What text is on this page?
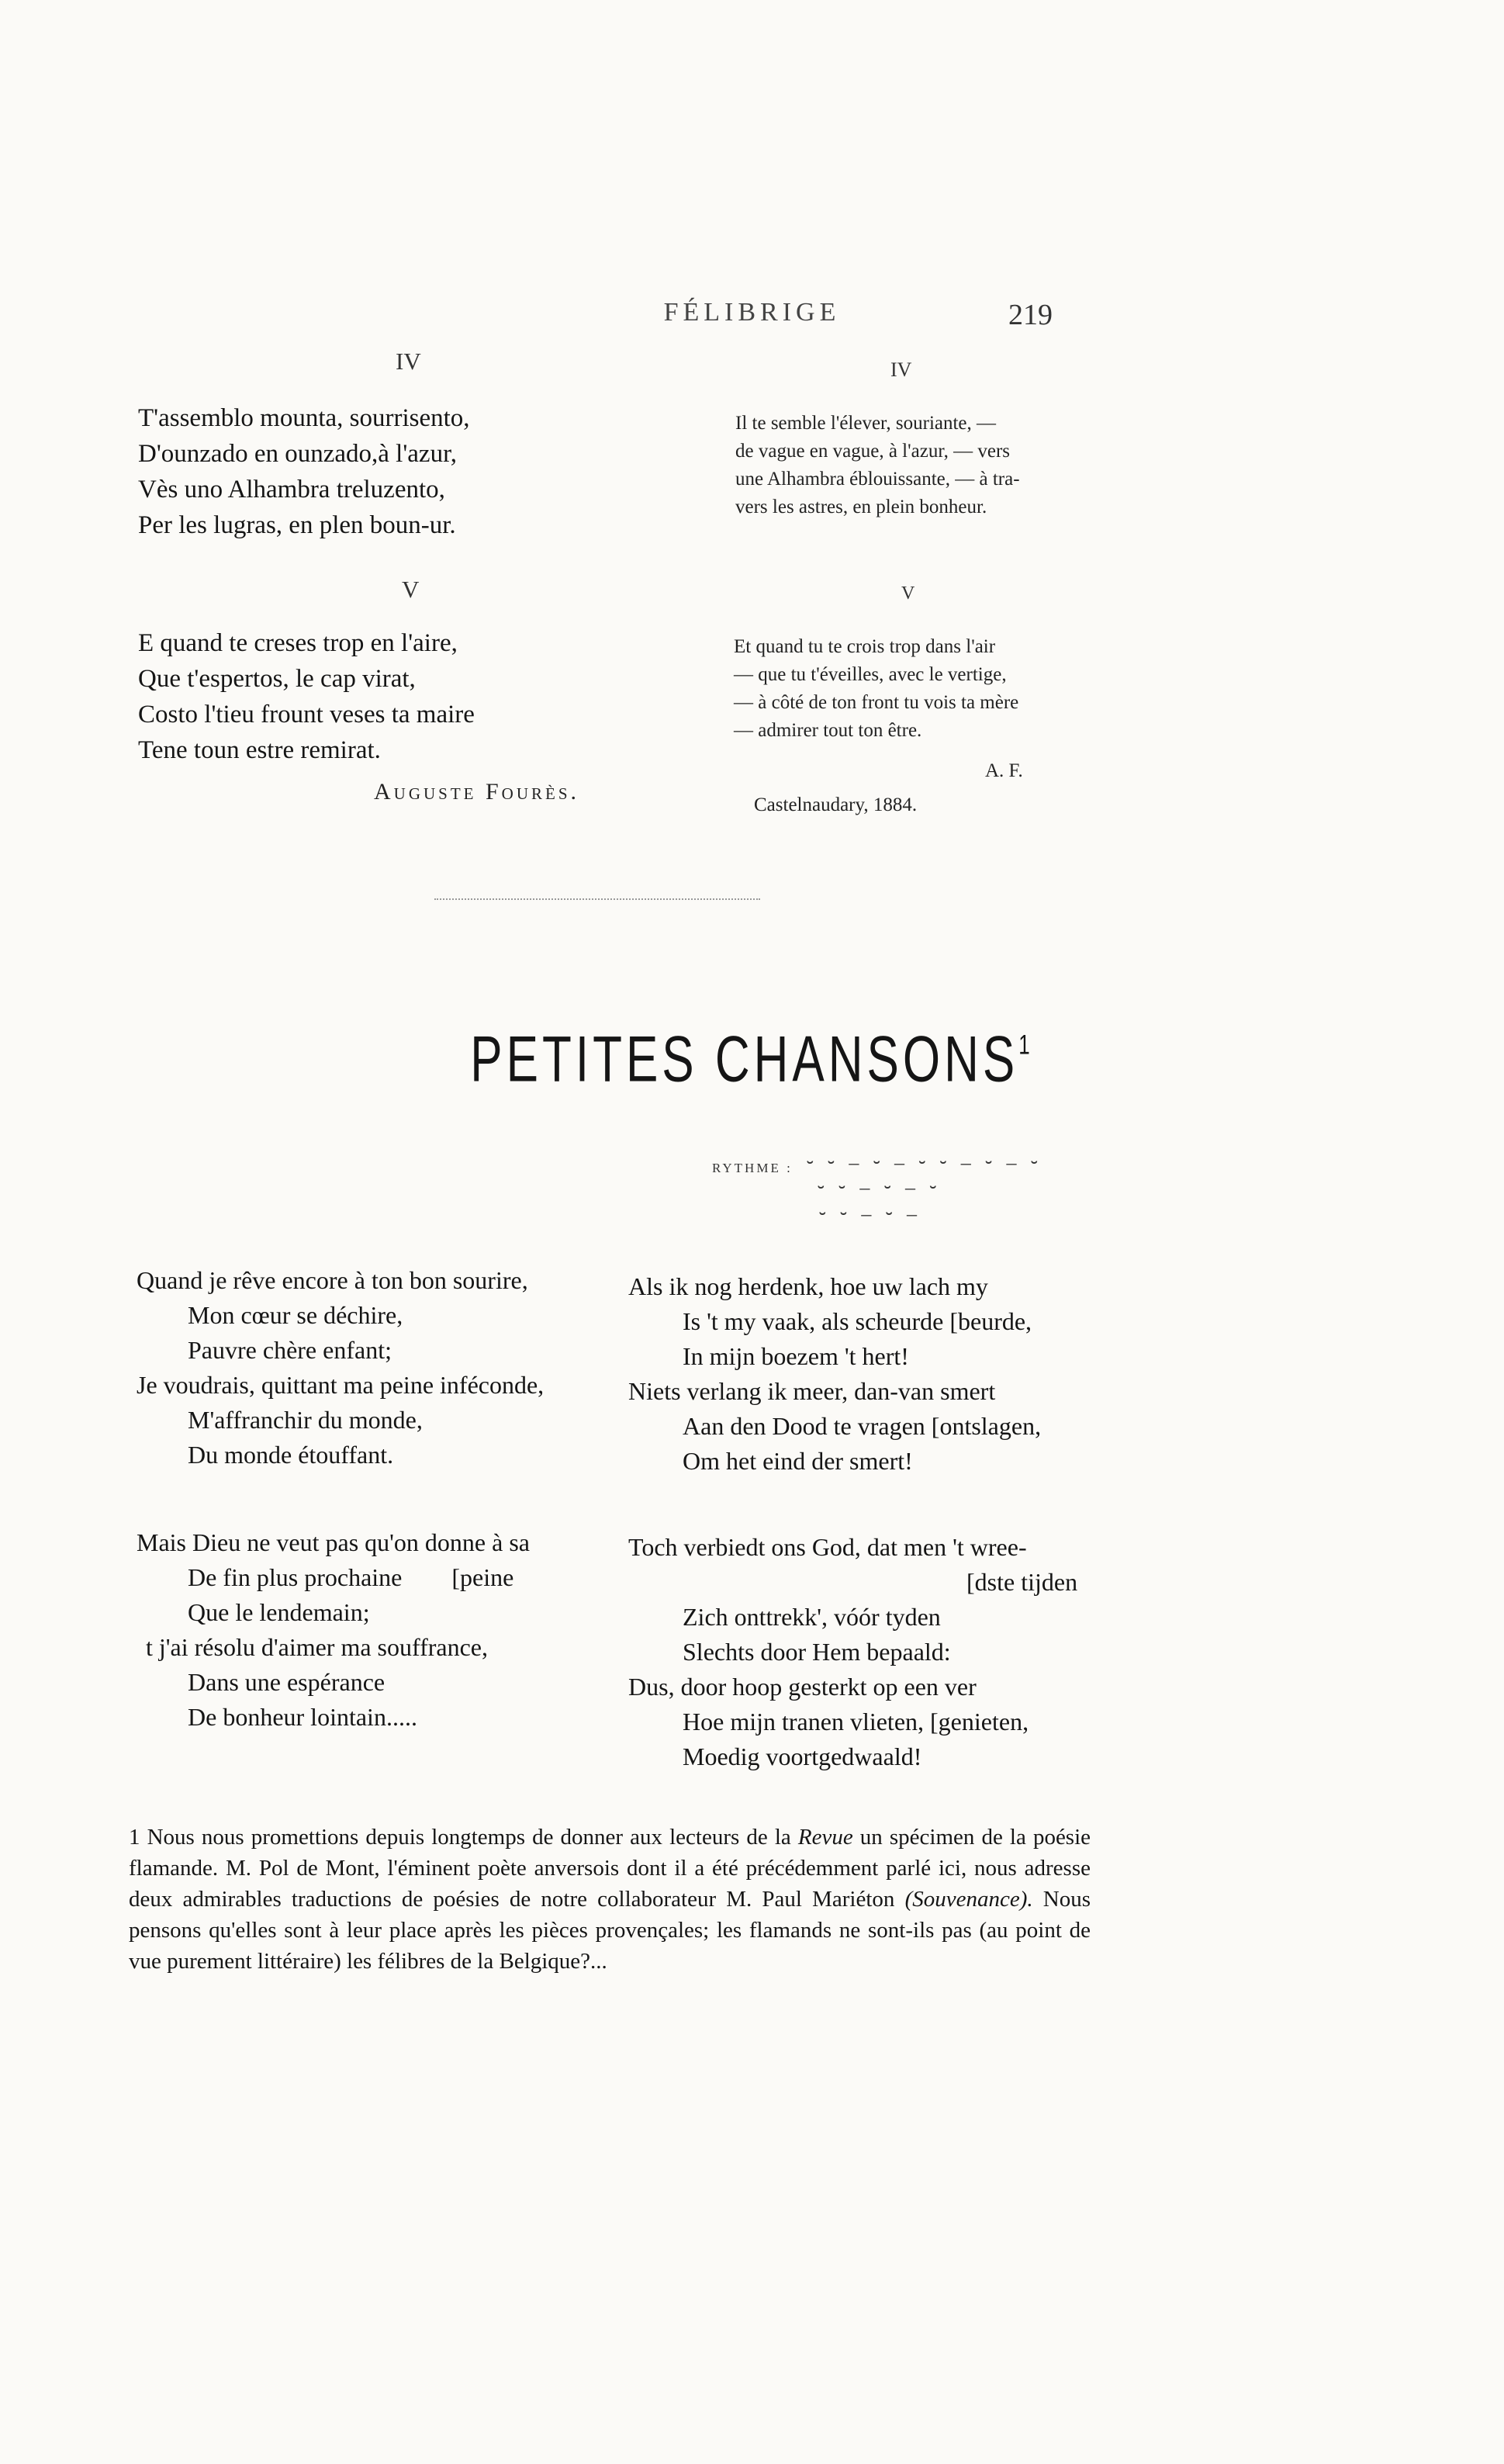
FÉLIBRIGE	219
IV
T'assemblo mounta, sourrisento,
D'ounzado en ounzado,à l'azur,
Vès uno Alhambra treluzento,
Per les lugras, en plen boun-ur.
V
E quand te creses trop en l'aire,
Que t'espertos, le cap virat,
Costo l'tieu frount veses ta maire
Tene toun estre remirat.
Auguste Fourès.
IV
Il te semble l'élever, souriante, —
de vague en vague, à l'azur, — vers
une Alhambra éblouissante, — à tra-
vers les astres, en plein bonheur.
V
Et quand tu te crois trop dans l'air
— que tu t'éveilles, avec le vertige,
— à côté de ton front tu vois ta mère
— admirer tout ton être.
A. F.
Castelnaudary, 1884.
PETITES CHANSONS$^1$
RYTHME : ⏑ ⏑ – ⏑ – ⏑ ⏑ – ⏑ – ⏑
⏑ ⏑ – ⏑ – ⏑
⏑ ⏑ – ⏑ –
Quand je rêve encore à ton bon sourire,
Mon cœur se déchire,
Pauvre chère enfant;
Je voudrais, quittant ma peine inféconde,
M'affranchir du monde,
Du monde étouffant.
Mais Dieu ne veut pas qu'on donne à sa
De fin plus prochaine        [peine
Que le lendemain;
t j'ai résolu d'aimer ma souffrance,
Dans une espérance
De bonheur lointain.....
Als ik nog herdenk, hoe uw lach my
Is 't my vaak, als scheurde [beurde,
In mijn boezem 't hert!
Niets verlang ik meer, dan-van smert
Aan den Dood te vragen [ontslagen,
Om het eind der smert!
Toch verbiedt ons God, dat men 't wree-
[dste tijden
Zich onttrekk', vóór tyden
Slechts door Hem bepaald:
Dus, door hoop gesterkt op een ver
Hoe mijn tranen vlieten, [genieten,
Moedig voortgedwaald!
1 Nous nous promettions depuis longtemps de donner aux lecteurs de la Revue un spécimen de la poésie flamande. M. Pol de Mont, l'éminent poète anversois dont il a été précédemment parlé ici, nous adresse deux admirables traductions de poésies de notre collaborateur M. Paul Mariéton (Souvenance). Nous pensons qu'elles sont à leur place après les pièces provençales; les flamands ne sont-ils pas (au point de vue purement littéraire) les félibres de la Belgique?...
